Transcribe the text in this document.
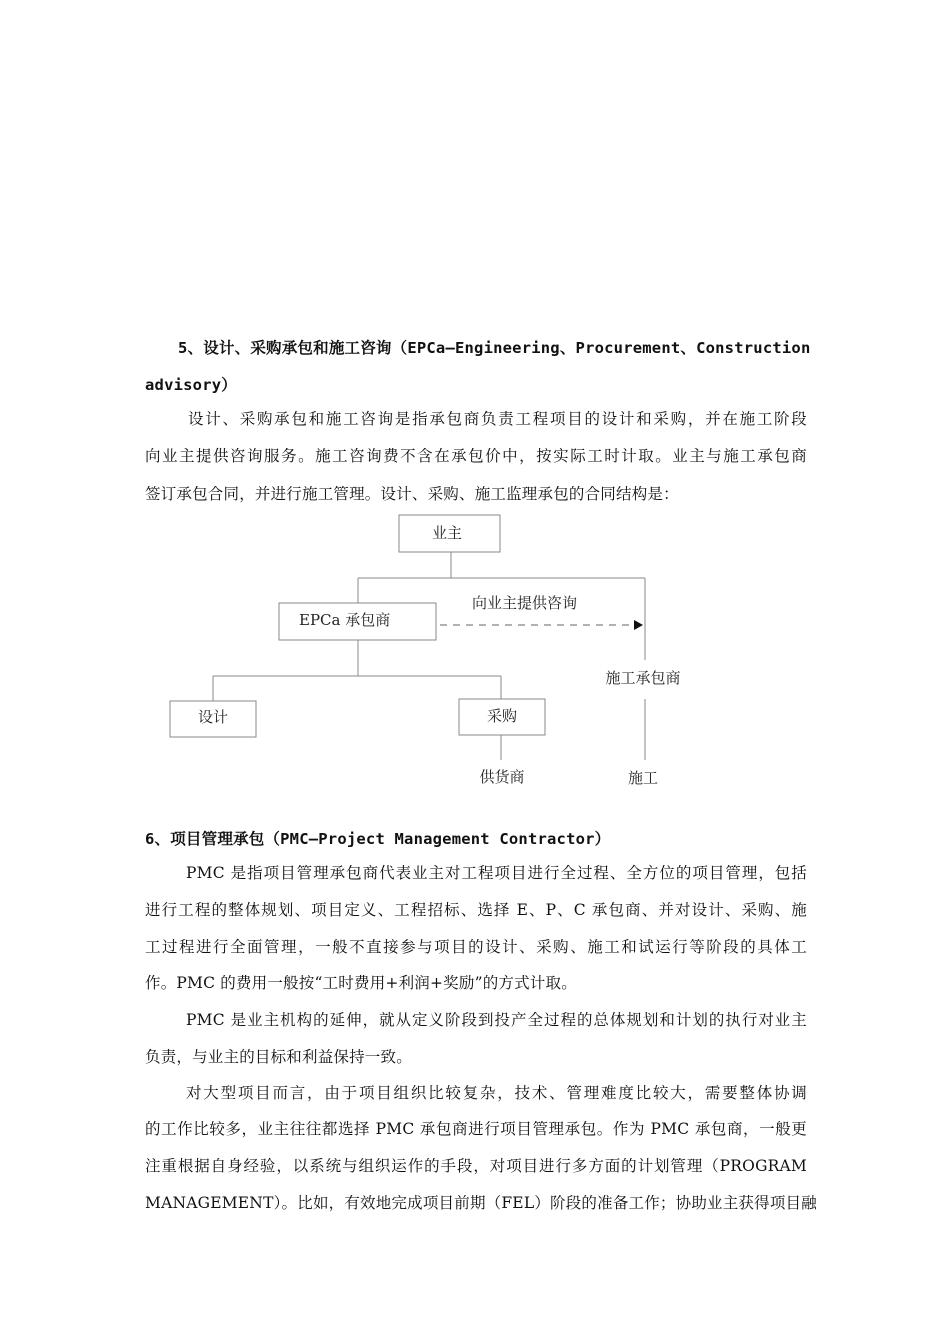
5、设计、采购承包和施工咨询（EPCa—Engineering、Procurement、Construction
advisory）
设计、采购承包和施工咨询是指承包商负责工程项目的设计和采购，并在施工阶段
向业主提供咨询服务。施工咨询费不含在承包价中，按实际工时计取。业主与施工承包商
签订承包合同，并进行施工管理。设计、采购、施工监理承包的合同结构是：
业主
EPCa 承包商
向业主提供咨询
施工承包商
施工
设计	采购
供货商
6、项目管理承包（PMC—Project Management Contractor）
PMC 是指项目管理承包商代表业主对工程项目进行全过程、全方位的项目管理，包括
进行工程的整体规划、项目定义、工程招标、选择 E、P、C 承包商、并对设计、采购、施
工过程进行全面管理，一般不直接参与项目的设计、采购、施工和试运行等阶段的具体工
作。PMC 的费用一般按“工时费用+利润+奖励”的方式计取。
PMC 是业主机构的延伸，就从定义阶段到投产全过程的总体规划和计划的执行对业主
负责，与业主的目标和利益保持一致。
对大型项目而言，由于项目组织比较复杂，技术、管理难度比较大，需要整体协调
的工作比较多，业主往往都选择 PMC 承包商进行项目管理承包。作为 PMC 承包商，一般更
注重根据自身经验，以系统与组织运作的手段，对项目进行多方面的计划管理（PROGRAM
MANAGEMENT）。比如，有效地完成项目前期（FEL）阶段的准备工作；协助业主获得项目融
